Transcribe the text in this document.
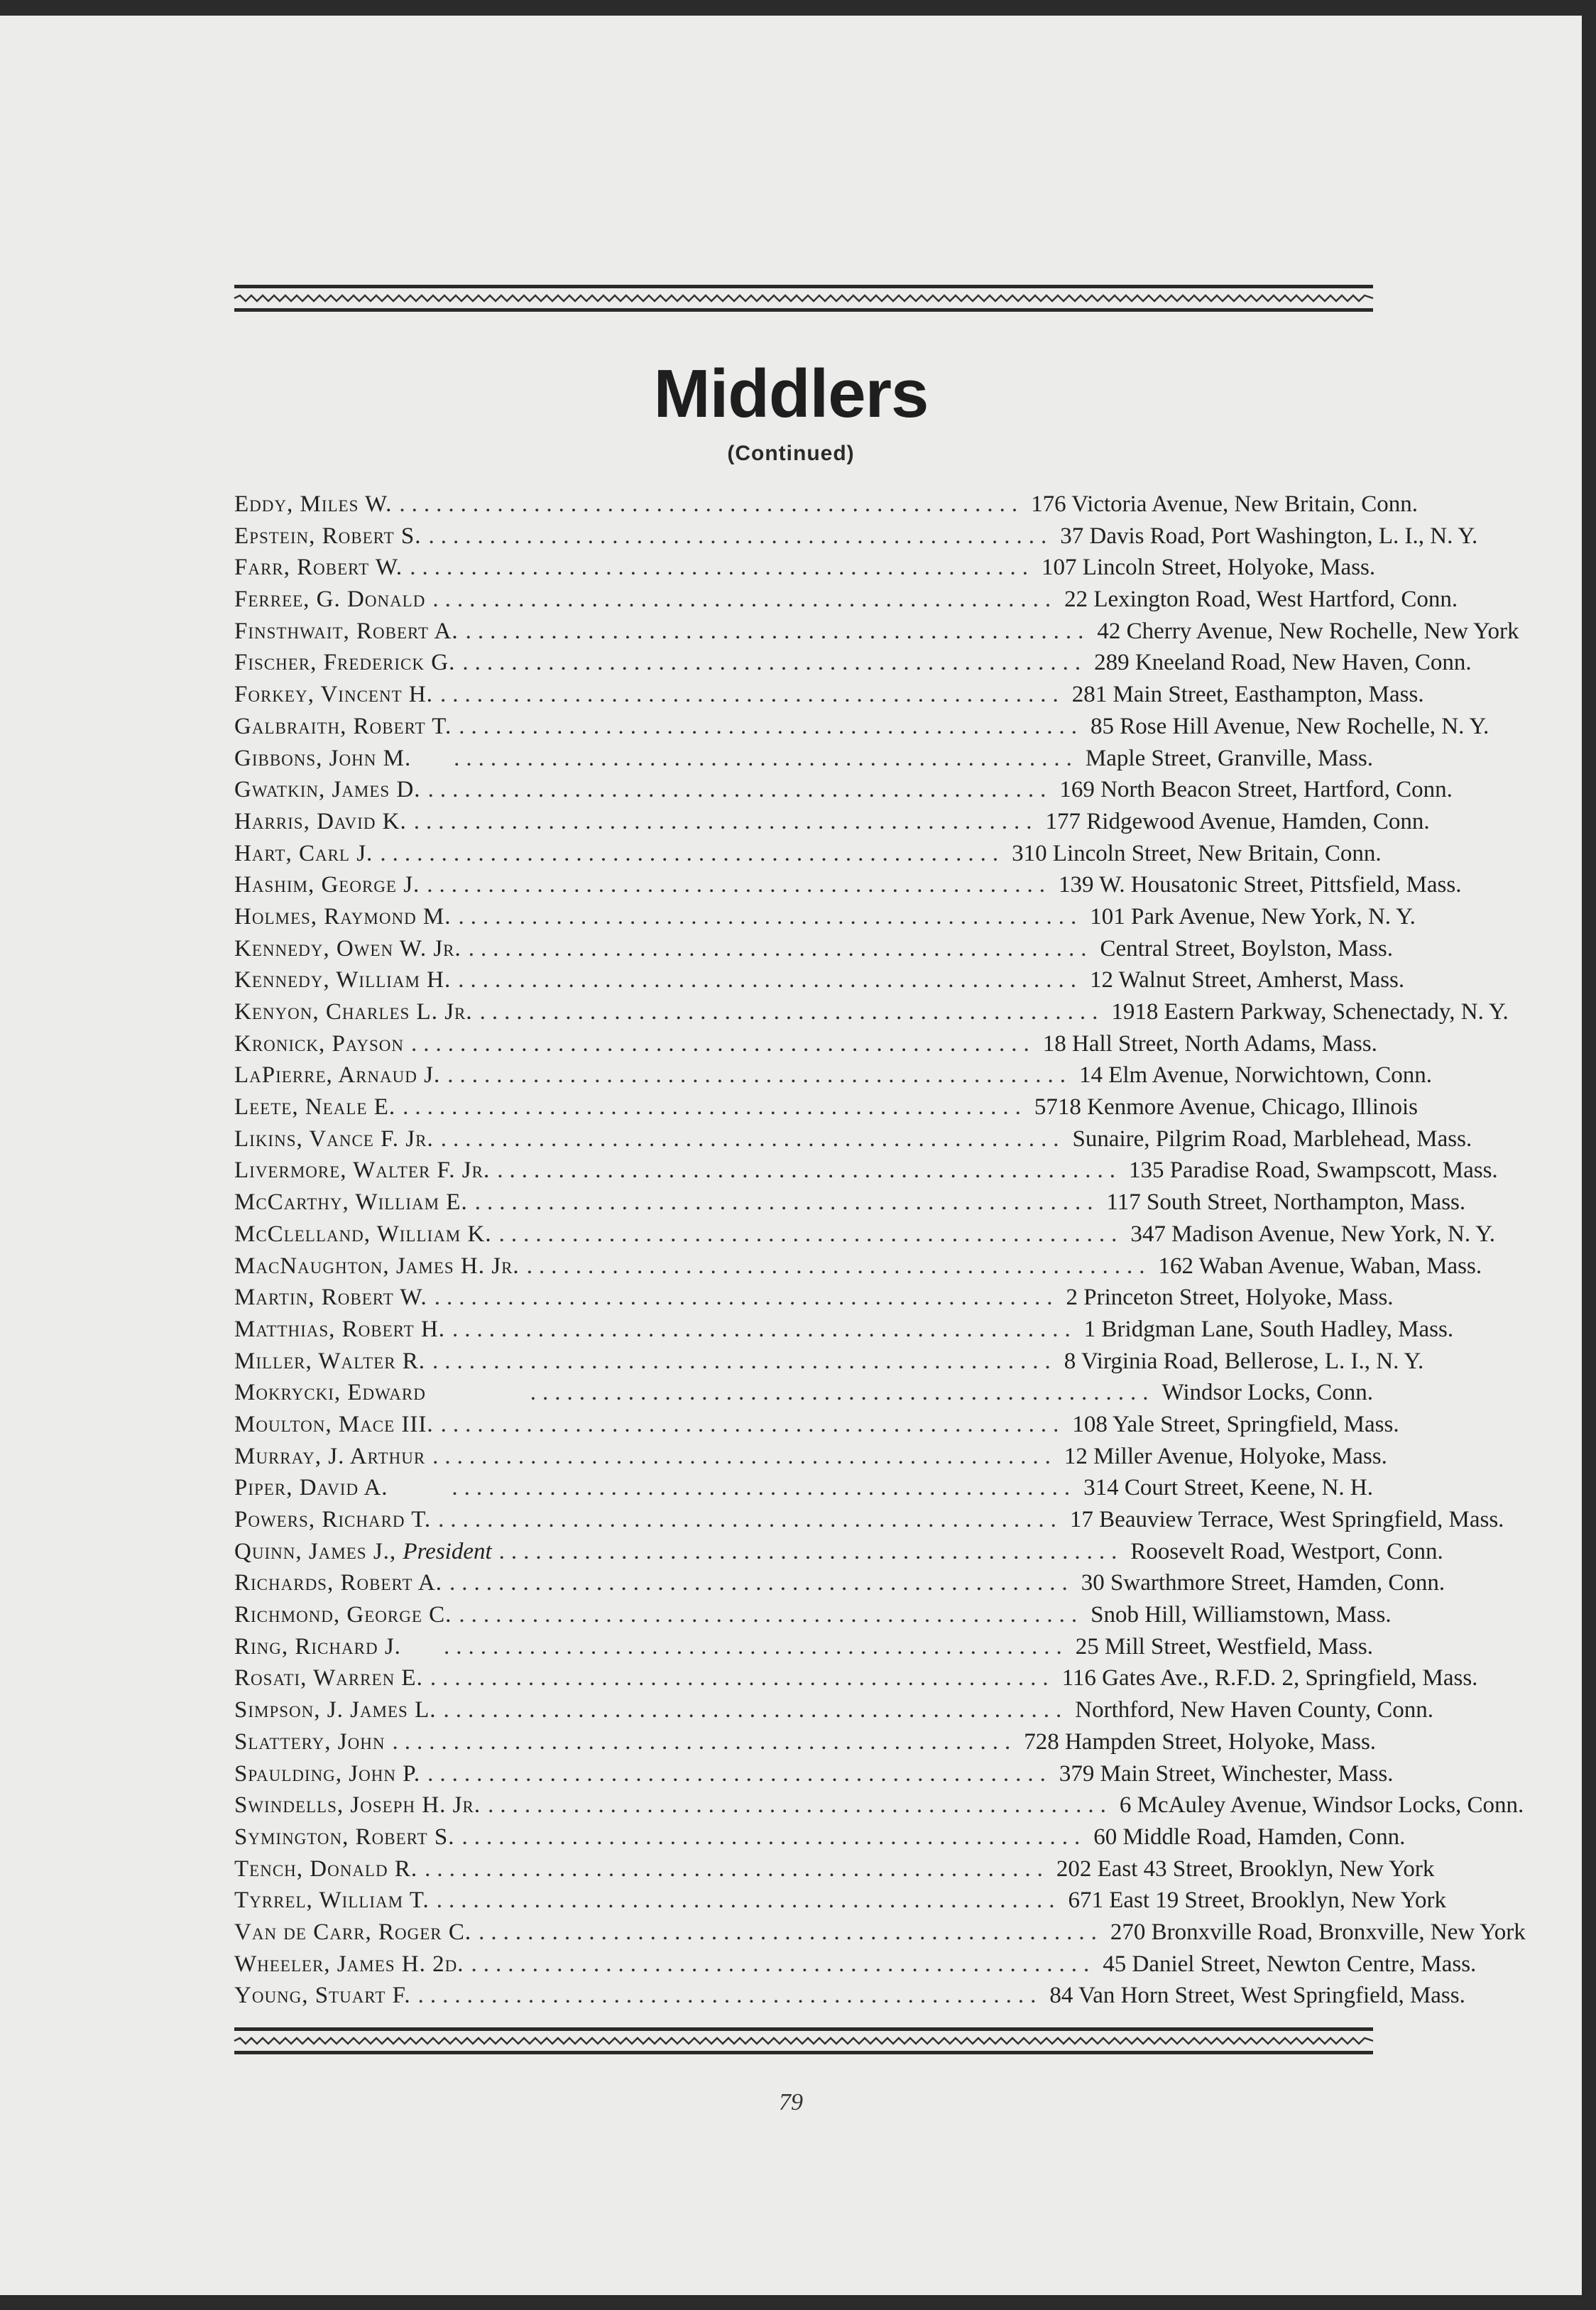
Middlers
(Continued)
Eddy, Miles W. ................................................... 176 Victoria Avenue, New Britain, Conn.
Epstein, Robert S. ................................................... 37 Davis Road, Port Washington, L. I., N. Y.
Farr, Robert W. ................................................... 107 Lincoln Street, Holyoke, Mass.
Ferree, G. Donald ................................................... 22 Lexington Road, West Hartford, Conn.
Finsthwait, Robert A. ................................................... 42 Cherry Avenue, New Rochelle, New York
Fischer, Frederick G. ................................................... 289 Kneeland Road, New Haven, Conn.
Forkey, Vincent H. ................................................... 281 Main Street, Easthampton, Mass.
Galbraith, Robert T. ................................................... 85 Rose Hill Avenue, New Rochelle, N. Y.
Gibbons, John M.	................................................... Maple Street, Granville, Mass.
Gwatkin, James D. ................................................... 169 North Beacon Street, Hartford, Conn.
Harris, David K. ................................................... 177 Ridgewood Avenue, Hamden, Conn.
Hart, Carl J. ................................................... 310 Lincoln Street, New Britain, Conn.
Hashim, George J. ................................................... 139 W. Housatonic Street, Pittsfield, Mass.
Holmes, Raymond M. ................................................... 101 Park Avenue, New York, N. Y.
Kennedy, Owen W. Jr. ................................................... Central Street, Boylston, Mass.
Kennedy, William H. ................................................... 12 Walnut Street, Amherst, Mass.
Kenyon, Charles L. Jr. ................................................... 1918 Eastern Parkway, Schenectady, N. Y.
Kronick, Payson ................................................... 18 Hall Street, North Adams, Mass.
LaPierre, Arnaud J. ................................................... 14 Elm Avenue, Norwichtown, Conn.
Leete, Neale E. ................................................... 5718 Kenmore Avenue, Chicago, Illinois
Likins, Vance F. Jr. ................................................... Sunaire, Pilgrim Road, Marblehead, Mass.
Livermore, Walter F. Jr. ................................................... 135 Paradise Road, Swampscott, Mass.
McCarthy, William E. ................................................... 117 South Street, Northampton, Mass.
McClelland, William K. ................................................... 347 Madison Avenue, New York, N. Y.
MacNaughton, James H. Jr. ................................................... 162 Waban Avenue, Waban, Mass.
Martin, Robert W. ................................................... 2 Princeton Street, Holyoke, Mass.
Matthias, Robert H. ................................................... 1 Bridgman Lane, South Hadley, Mass.
Miller, Walter R. ................................................... 8 Virginia Road, Bellerose, L. I., N. Y.
Mokrycki, Edward	................................................... Windsor Locks, Conn.
Moulton, Mace III. ................................................... 108 Yale Street, Springfield, Mass.
Murray, J. Arthur ................................................... 12 Miller Avenue, Holyoke, Mass.
Piper, David A.	................................................... 314 Court Street, Keene, N. H.
Powers, Richard T. ................................................... 17 Beauview Terrace, West Springfield, Mass.
Quinn, James J., President ................................................... Roosevelt Road, Westport, Conn.
Richards, Robert A. ................................................... 30 Swarthmore Street, Hamden, Conn.
Richmond, George C. ................................................... Snob Hill, Williamstown, Mass.
Ring, Richard J.	................................................... 25 Mill Street, Westfield, Mass.
Rosati, Warren E. ................................................... 116 Gates Ave., R.F.D. 2, Springfield, Mass.
Simpson, J. James L. ................................................... Northford, New Haven County, Conn.
Slattery, John ................................................... 728 Hampden Street, Holyoke, Mass.
Spaulding, John P. ................................................... 379 Main Street, Winchester, Mass.
Swindells, Joseph H. Jr. ................................................... 6 McAuley Avenue, Windsor Locks, Conn.
Symington, Robert S. ................................................... 60 Middle Road, Hamden, Conn.
Tench, Donald R. ................................................... 202 East 43 Street, Brooklyn, New York
Tyrrel, William T. ................................................... 671 East 19 Street, Brooklyn, New York
Van de Carr, Roger C. ................................................... 270 Bronxville Road, Bronxville, New York
Wheeler, James H. 2d. ................................................... 45 Daniel Street, Newton Centre, Mass.
Young, Stuart F. ................................................... 84 Van Horn Street, West Springfield, Mass.
79
